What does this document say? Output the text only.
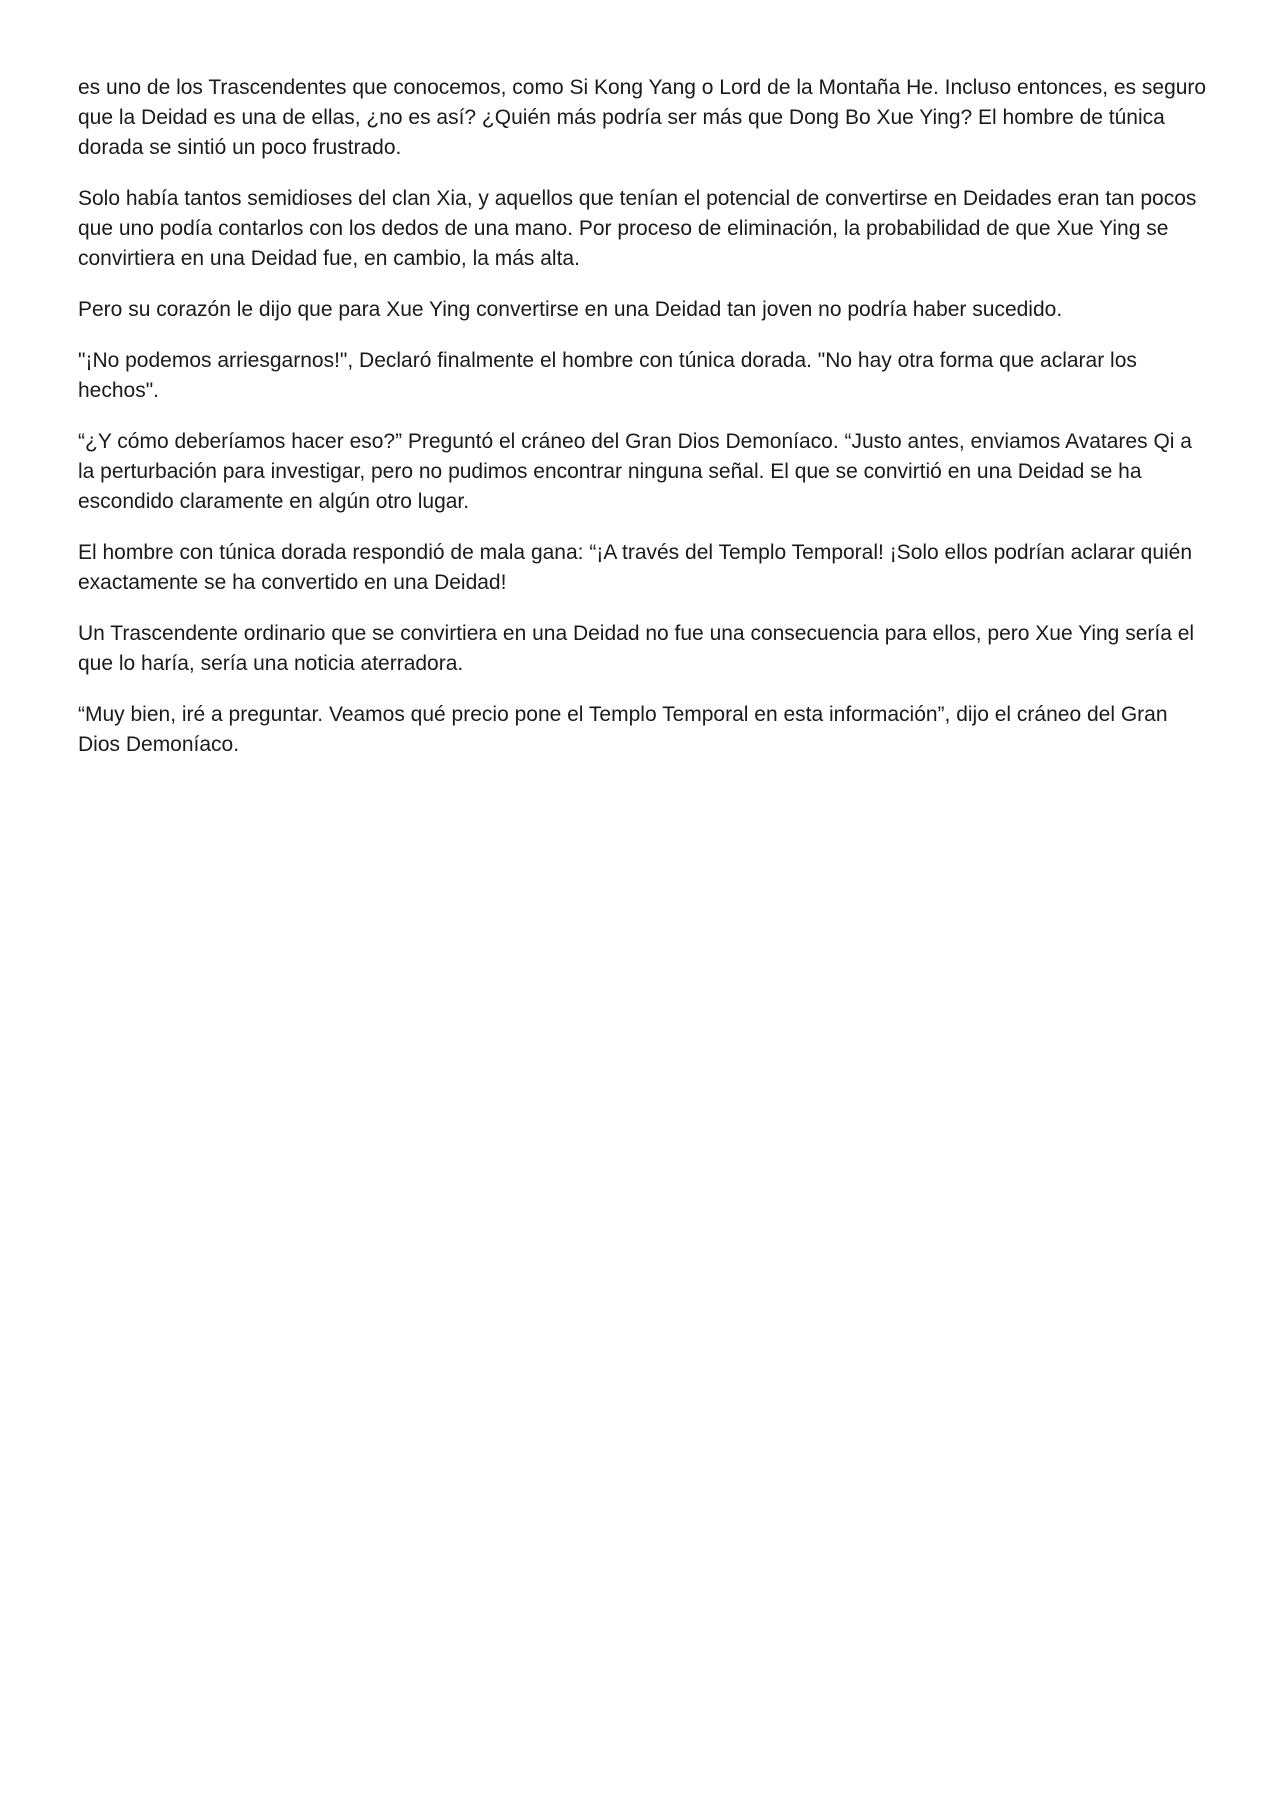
es uno de los Trascendentes que conocemos, como Si Kong Yang o Lord de la Montaña He. Incluso entonces, es seguro que la Deidad es una de ellas, ¿no es así? ¿Quién más podría ser más que Dong Bo Xue Ying? El hombre de túnica dorada se sintió un poco frustrado.

Solo había tantos semidioses del clan Xia, y aquellos que tenían el potencial de convertirse en Deidades eran tan pocos que uno podía contarlos con los dedos de una mano. Por proceso de eliminación, la probabilidad de que Xue Ying se convirtiera en una Deidad fue, en cambio, la más alta.

Pero su corazón le dijo que para Xue Ying convertirse en una Deidad tan joven no podría haber sucedido.

"¡No podemos arriesgarnos!", Declaró finalmente el hombre con túnica dorada. "No hay otra forma que aclarar los hechos".

“¿Y cómo deberíamos hacer eso?” Preguntó el cráneo del Gran Dios Demoníaco. “Justo antes, enviamos Avatares Qi a la perturbación para investigar, pero no pudimos encontrar ninguna señal. El que se convirtió en una Deidad se ha escondido claramente en algún otro lugar.

El hombre con túnica dorada respondió de mala gana: “¡A través del Templo Temporal! ¡Solo ellos podrían aclarar quién exactamente se ha convertido en una Deidad!

Un Trascendente ordinario que se convirtiera en una Deidad no fue una consecuencia para ellos, pero Xue Ying sería el que lo haría, sería una noticia aterradora.

“Muy bien, iré a preguntar. Veamos qué precio pone el Templo Temporal en esta información”, dijo el cráneo del Gran Dios Demoníaco.
